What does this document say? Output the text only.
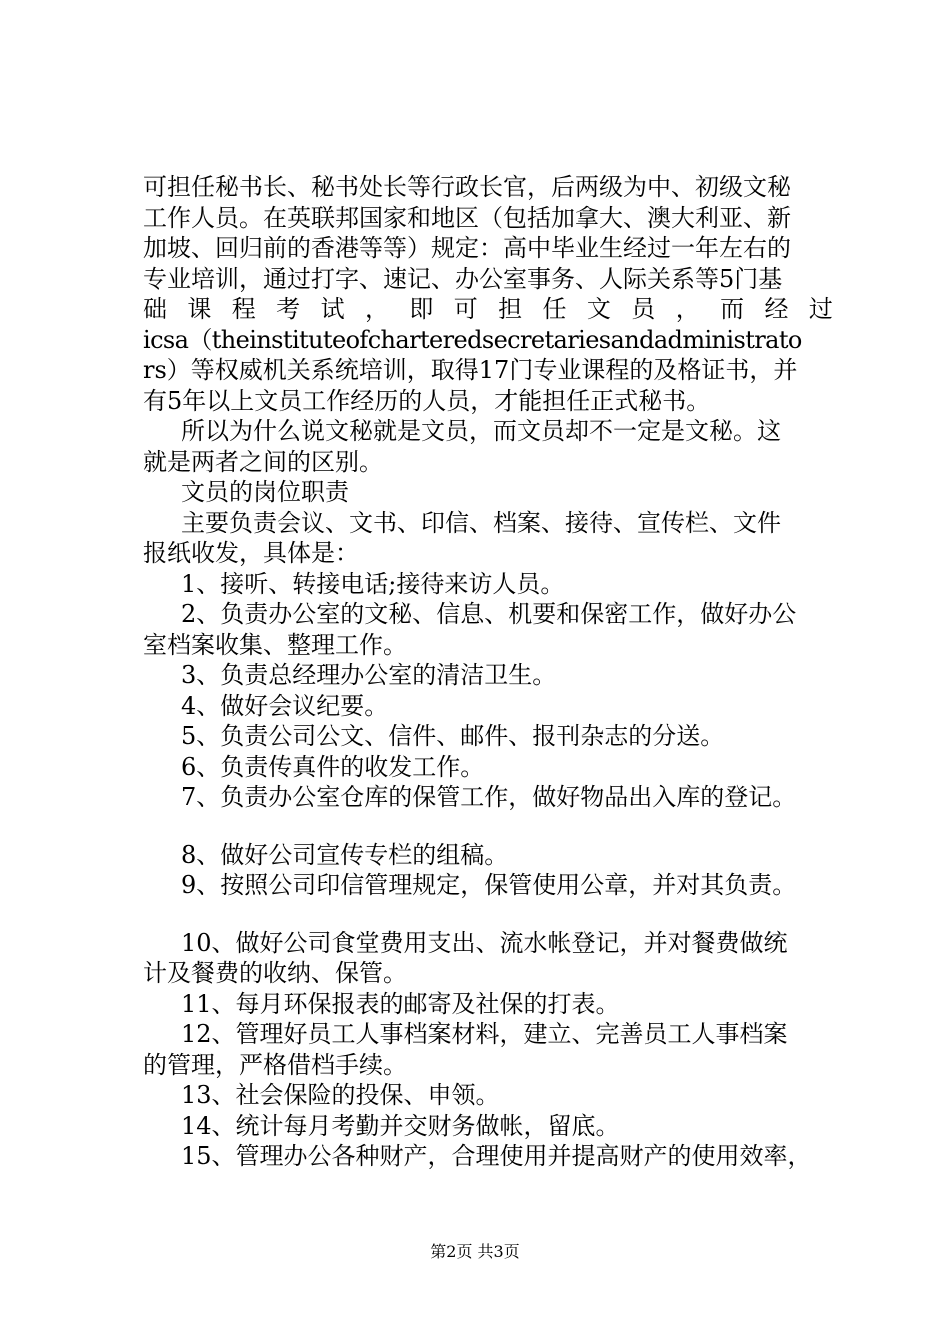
可担任秘书长、秘书处长等行政长官，后两级为中、初级文秘
工作人员。在英联邦国家和地区（包括加拿大、澳大利亚、新
加坡、回归前的香港等等）规定：高中毕业生经过一年左右的
专业培训，通过打字、速记、办公室事务、人际关系等5门基
础 课 程 考 试 ， 即 可 担 任 文 员 ， 而 经 过
icsa（theinstituteofcharteredsecretariesandadministrato
rs）等权威机关系统培训，取得17门专业课程的及格证书，并
有5年以上文员工作经历的人员，才能担任正式秘书。
所以为什么说文秘就是文员，而文员却不一定是文秘。这
就是两者之间的区别。
文员的岗位职责
主要负责会议、文书、印信、档案、接待、宣传栏、文件
报纸收发，具体是：
1、接听、转接电话;接待来访人员。
2、负责办公室的文秘、信息、机要和保密工作，做好办公
室档案收集、整理工作。
3、负责总经理办公室的清洁卫生。
4、做好会议纪要。
5、负责公司公文、信件、邮件、报刊杂志的分送。
6、负责传真件的收发工作。
7、负责办公室仓库的保管工作，做好物品出入库的登记。
8、做好公司宣传专栏的组稿。
9、按照公司印信管理规定，保管使用公章，并对其负责。
10、做好公司食堂费用支出、流水帐登记，并对餐费做统
计及餐费的收纳、保管。
11、每月环保报表的邮寄及社保的打表。
12、管理好员工人事档案材料，建立、完善员工人事档案
的管理，严格借档手续。
13、社会保险的投保、申领。
14、统计每月考勤并交财务做帐，留底。
15、管理办公各种财产，合理使用并提高财产的使用效率，
第2页 共3页
